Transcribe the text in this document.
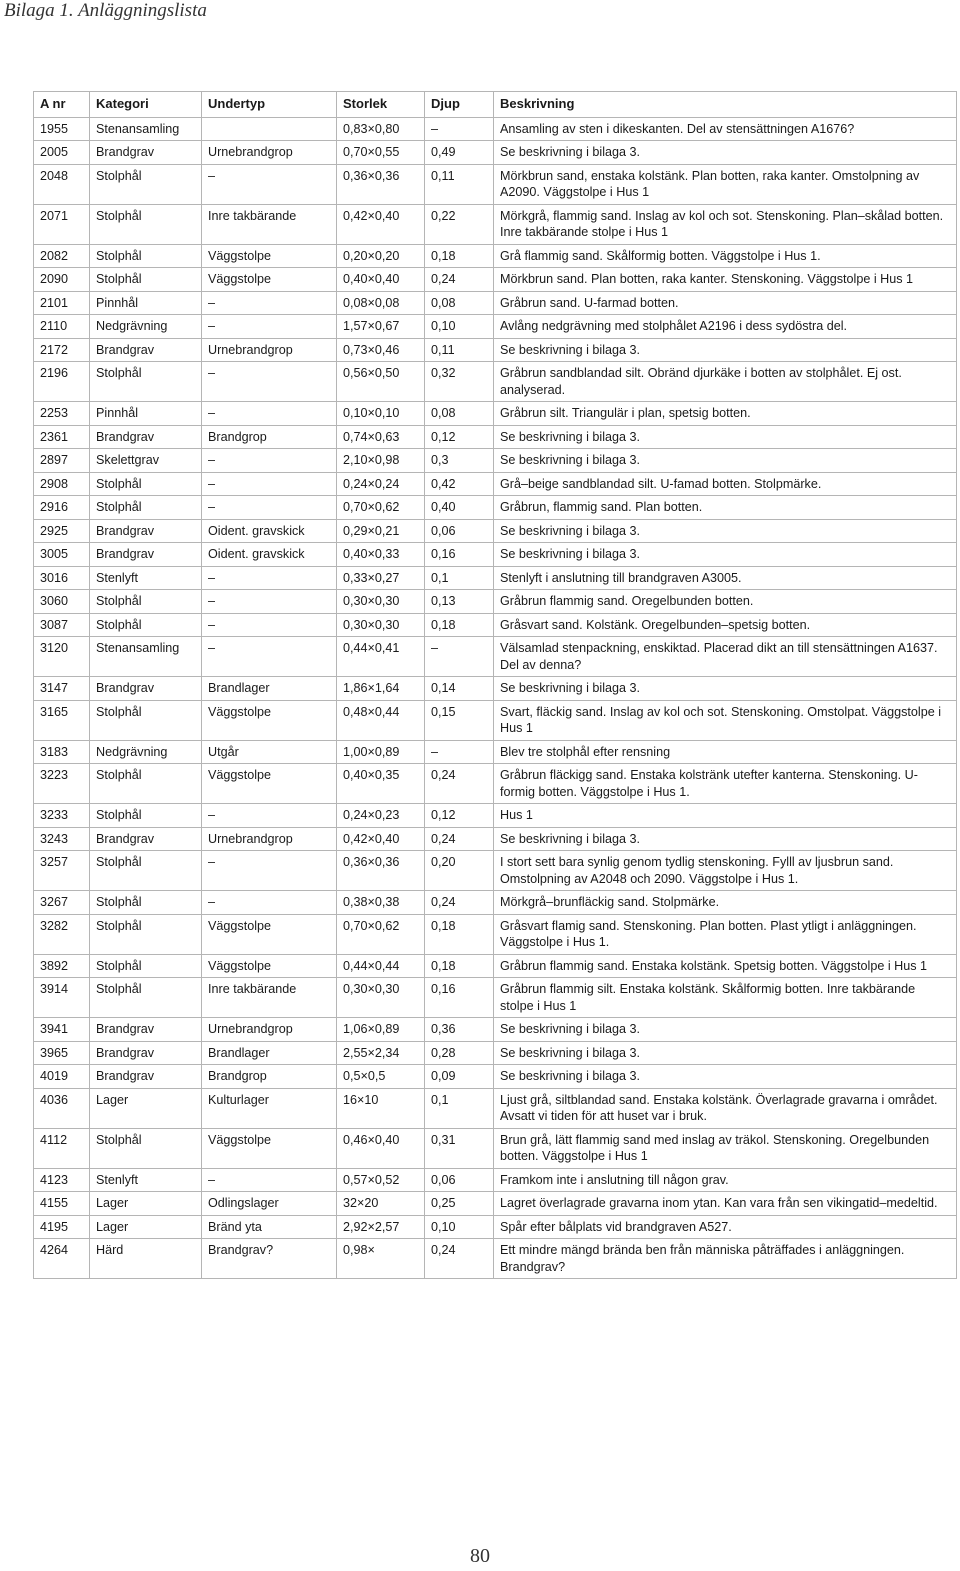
Bilaga 1. Anläggningslista
A nr	Kategori	Undertyp	Storlek	Djup	Beskrivning
1955	Stenansamling		0,83×0,80	–	Ansamling av sten i dikeskanten. Del av stensättningen A1676?
2005	Brandgrav	Urnebrandgrop	0,70×0,55	0,49	Se beskrivning i bilaga 3.
2048	Stolphål	–	0,36×0,36	0,11	Mörkbrun sand, enstaka kolstänk. Plan botten, raka kanter. Omstolpning av A2090. Väggstolpe i Hus 1
2071	Stolphål	Inre takbärande	0,42×0,40	0,22	Mörkgrå, flammig sand. Inslag av kol och sot. Stenskoning. Plan–skålad botten. Inre takbärande stolpe i Hus 1
2082	Stolphål	Väggstolpe	0,20×0,20	0,18	Grå flammig sand. Skålformig botten. Väggstolpe i Hus 1.
2090	Stolphål	Väggstolpe	0,40×0,40	0,24	Mörkbrun sand. Plan botten, raka kanter. Stenskoning. Väggstolpe i Hus 1
2101	Pinnhål	–	0,08×0,08	0,08	Gråbrun sand. U-farmad botten.
2110	Nedgrävning	–	1,57×0,67	0,10	Avlång nedgrävning med stolphålet A2196 i dess sydöstra del.
2172	Brandgrav	Urnebrandgrop	0,73×0,46	0,11	Se beskrivning i bilaga 3.
2196	Stolphål	–	0,56×0,50	0,32	Gråbrun sandblandad silt. Obränd djurkäke i botten av stolphålet. Ej ost. analyserad.
2253	Pinnhål	–	0,10×0,10	0,08	Gråbrun silt. Triangulär i plan, spetsig botten.
2361	Brandgrav	Brandgrop	0,74×0,63	0,12	Se beskrivning i bilaga 3.
2897	Skelettgrav	–	2,10×0,98	0,3	Se beskrivning i bilaga 3.
2908	Stolphål	–	0,24×0,24	0,42	Grå–beige sandblandad silt. U-famad botten. Stolpmärke.
2916	Stolphål	–	0,70×0,62	0,40	Gråbrun, flammig sand. Plan botten.
2925	Brandgrav	Oident. gravskick	0,29×0,21	0,06	Se beskrivning i bilaga 3.
3005	Brandgrav	Oident. gravskick	0,40×0,33	0,16	Se beskrivning i bilaga 3.
3016	Stenlyft	–	0,33×0,27	0,1	Stenlyft i anslutning till brandgraven A3005.
3060	Stolphål	–	0,30×0,30	0,13	Gråbrun flammig sand. Oregelbunden botten.
3087	Stolphål	–	0,30×0,30	0,18	Gråsvart sand. Kolstänk. Oregelbunden–spetsig botten.
3120	Stenansamling	–	0,44×0,41	–	Välsamlad stenpackning, enskiktad. Placerad dikt an till stensättningen A1637. Del av denna?
3147	Brandgrav	Brandlager	1,86×1,64	0,14	Se beskrivning i bilaga 3.
3165	Stolphål	Väggstolpe	0,48×0,44	0,15	Svart, fläckig sand. Inslag av kol och sot. Stenskoning. Omstolpat. Väggstolpe i Hus 1
3183	Nedgrävning	Utgår	1,00×0,89	–	Blev tre stolphål efter rensning
3223	Stolphål	Väggstolpe	0,40×0,35	0,24	Gråbrun fläckigg sand. Enstaka kolstränk utefter kanterna. Stenskoning. U-formig botten. Väggstolpe i Hus 1.
3233	Stolphål	–	0,24×0,23	0,12	Hus 1
3243	Brandgrav	Urnebrandgrop	0,42×0,40	0,24	Se beskrivning i bilaga 3.
3257	Stolphål	–	0,36×0,36	0,20	I stort sett bara synlig genom tydlig stenskoning. Fylll av ljusbrun sand. Omstolpning av A2048 och 2090. Väggstolpe i Hus 1.
3267	Stolphål	–	0,38×0,38	0,24	Mörkgrå–brunfläckig sand. Stolpmärke.
3282	Stolphål	Väggstolpe	0,70×0,62	0,18	Gråsvart flamig sand. Stenskoning. Plan botten. Plast ytligt i anläggningen. Väggstolpe i Hus 1.
3892	Stolphål	Väggstolpe	0,44×0,44	0,18	Gråbrun flammig sand. Enstaka kolstänk. Spetsig botten. Väggstolpe i Hus 1
3914	Stolphål	Inre takbärande	0,30×0,30	0,16	Gråbrun flammig silt. Enstaka kolstänk. Skålformig botten. Inre takbärande stolpe i Hus 1
3941	Brandgrav	Urnebrandgrop	1,06×0,89	0,36	Se beskrivning i bilaga 3.
3965	Brandgrav	Brandlager	2,55×2,34	0,28	Se beskrivning i bilaga 3.
4019	Brandgrav	Brandgrop	0,5×0,5	0,09	Se beskrivning i bilaga 3.
4036	Lager	Kulturlager	16×10	0,1	Ljust grå, siltblandad sand. Enstaka kolstänk. Överlagrade gravarna i området. Avsatt vi tiden för att huset var i bruk.
4112	Stolphål	Väggstolpe	0,46×0,40	0,31	Brun grå, lätt flammig sand med inslag av träkol. Stenskoning. Oregelbunden botten. Väggstolpe i Hus 1
4123	Stenlyft	–	0,57×0,52	0,06	Framkom inte i anslutning till någon grav.
4155	Lager	Odlingslager	32×20	0,25	Lagret överlagrade gravarna inom ytan. Kan vara från sen vikingatid–medeltid.
4195	Lager	Bränd yta	2,92×2,57	0,10	Spår efter bålplats vid brandgraven A527.
4264	Härd	Brandgrav?	0,98×	0,24	Ett mindre mängd brända ben från människa påträffades i anläggningen. Brandgrav?
80
